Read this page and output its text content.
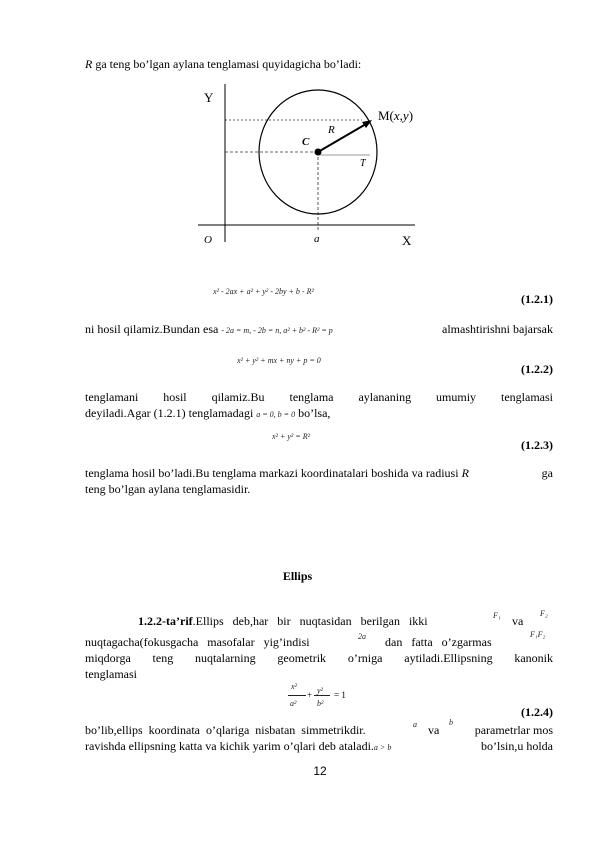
R ga teng bo’lgan aylana tenglamasi quyidagicha bo’ladi:
Y
X
O	a
C
R
T
M(x,y)
x² - 2ax + a² + y² - 2by + b - R²
(1.2.1)
ni hosil qilamiz.Bundan esa - 2a = m, - 2b = n, a² + b² - R² = p	almashtirishni bajarsak
x² + y² + mx + ny + p = 0
(1.2.2)
tenglamani hosil qilamiz.Bu tenglama aylananing umumiy tenglamasi
deyiladi.Agar (1.2.1) tenglamadagi a = 0, b = 0 bo’lsa,
x² + y² = R²
(1.2.3)
tenglama hosil bo’ladi.Bu tenglama markazi koordinatalari boshida va radiusi R	ga
teng bo’lgan aylana tenglamasidir.
Ellips
1.2.2-ta’rif.Ellips deb,har bir nuqtasidan berilgan ikki	F₁ va
F₂
nuqtagacha(fokusgacha masofalar yig’indisi	2a dan fatta o’zgarmas
F₁F₂
miqdorga teng nuqtalarning geometrik o’rniga aytiladi.Ellipsning kanonik
tenglamasi
x²	y²
+ = 1
a²	b²
(1.2.4)
bo’lib,ellips koordinata o’qlariga nisbatan simmetrikdir.	a va
b
parametrlar mos
ravishda ellipsning katta va kichik yarim o’qlari deb ataladi.a > b	bo’lsin,u holda
12
